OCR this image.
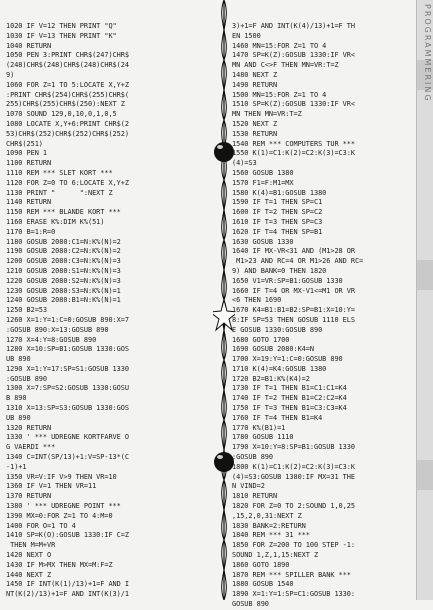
1020 IF V=12 THEN PRINT "Q"
1030 IF V=13 THEN PRINT "K"
1040 RETURN
1050 PEN 3:PRINT CHR$(247)CHR$
(248)CHR$(248)CHR$(248)CHR$(24
9)
1060 FOR Z=1 TO 5:LOCATE X,Y+Z
:PRINT CHR$(254)CHR$(255)CHR$(
255)CHR$(255)CHR$(250):NEXT Z
1070 SOUND 129,0,10,0,1,0,5
1080 LOCATE X,Y+6:PRINT CHR$(2
53)CHR$(252)CHR$(252)CHR$(252)
CHR$(251)
1090 PEN 1
1100 RETURN
1110 REM *** SLET KORT ***
1120 FOR Z=0 TO 6:LOCATE X,Y+Z
1130 PRINT "      ":NEXT Z
1140 RETURN
1150 REM *** BLANDE KORT ***
1160 ERASE K%:DIM K%(51)
1170 B=1:R=0
1180 GOSUB 2080:C1=N:K%(N)=2
1190 GOSUB 2080:C2=N:K%(N)=2
1200 GOSUB 2080:C3=N:K%(N)=3
1210 GOSUB 2080:S1=N:K%(N)=3
1220 GOSUB 2080:S2=N:K%(N)=3
1230 GOSUB 2080:S3=N:K%(N)=1
1240 GOSUB 2080:B1=N:K%(N)=1
1250 B2=53
1260 X=1:Y=1:C=0:GOSUB 890:X=7
:GOSUB 890:X=13:GOSUB 890
1270 X=4:Y=8:GOSUB 890
1280 X=10:SP=B1:GOSUB 1330:GOS
UB 890
1290 X=1:Y=17:SP=S1:GOSUB 1330
:GOSUB 890
1300 X=7:SP=S2:GOSUB 1330:GOSU
B 890
1310 X=13:SP=S3:GOSUB 1330:GOS
UB 890
1320 RETURN
1330 ' *** UDREGNE KORTFARVE O
G VAERDI ***
1340 C=INT(SP/13)+1:V=SP-13*(C
-1)+1
1350 VR=V:IF V>9 THEN VR=10
1360 IF V=1 THEN VR=11
1370 RETURN
1380 ' *** UDREGNE POINT ***
1390 MX=0:FOR Z=1 TO 4:M=0
1400 FOR O=1 TO 4
1410 SP=K(O):GOSUB 1330:IF C=Z
THEN M=M+VR
1420 NEXT O
1430 IF M>MX THEN MX=M:F=Z
1440 NEXT Z
1450 IF INT(K(1)/13)+1=F AND I
NT(K(2)/13)+1=F AND INT(K(3)/1
3)+1=F AND INT(K(4)/13)+1=F TH
EN 1500
1460 MN=15:FOR Z=1 TO 4
1470 SP=K(Z):GOSUB 1330:IF VR<
MN AND C<>F THEN MN=VR:T=Z
1480 NEXT Z
1490 RETURN
1500 MN=15:FOR Z=1 TO 4
1510 SP=K(Z):GOSUB 1330:IF VR<
MN THEN MN=VR:T=Z
1520 NEXT Z
1530 RETURN
1540 REM *** COMPUTERS TUR ***
1550 K(1)=C1:K(2)=C2:K(3)=C3:K
(4)=S3
1560 GOSUB 1380
1570 F1=F:M1=MX
1580 K(4)=B1:GOSUB 1380
1590 IF T=1 THEN SP=C1
1600 IF T=2 THEN SP=C2
1610 IF T=3 THEN SP=C3
1620 IF T=4 THEN SP=B1
1630 GOSUB 1330
1640 IF MX-VR<31 AND (M1>28 OR
M1>23 AND RC=4 OR M1>26 AND RC=
9) AND BANK=0 THEN 1820
1650 V1=VR:SP=B1:GOSUB 1330
1660 IF T=4 OR MX-V1<=M1 OR VR
<6 THEN 1690
1670 K4=B1:B1=B2:SP=B1:X=10:Y=
8:IF SP=53 THEN GOSUB 1110 ELS
E GOSUB 1330:GOSUB 890
1680 GOTO 1700
1690 GOSUB 2080:K4=N
1700 X=19:Y=1:C=0:GOSUB 890
1710 K(4)=K4:GOSUB 1380
1720 B2=B1:K%(K4)=2
1730 IF T=1 THEN B1=C1:C1=K4
1740 IF T=2 THEN B1=C2:C2=K4
1750 IF T=3 THEN B1=C3:C3=K4
1760 IF T=4 THEN B1=K4
1770 K%(B1)=1
1780 GOSUB 1110
1790 X=10:Y=8:SP=B1:GOSUB 1330
:GOSUB 890
1800 K(1)=C1:K(2)=C2:K(3)=C3:K
(4)=S3:GOSUB 1380:IF MX=31 THE
N VIND=2
1810 RETURN
1820 FOR Z=0 TO 2:SOUND 1,0,25
,15,2,0,31:NEXT Z
1830 BANK=2:RETURN
1840 REM *** 31 ***
1850 FOR Z=200 TO 100 STEP -1:
SOUND 1,Z,1,15:NEXT Z
1860 GOTO 1890
1870 REM *** SPILLER BANK ***
1880 GOSUB 1540
1890 X=1:Y=1:SP=C1:GOSUB 1330:
GOSUB 890
PROGRAMMERING
